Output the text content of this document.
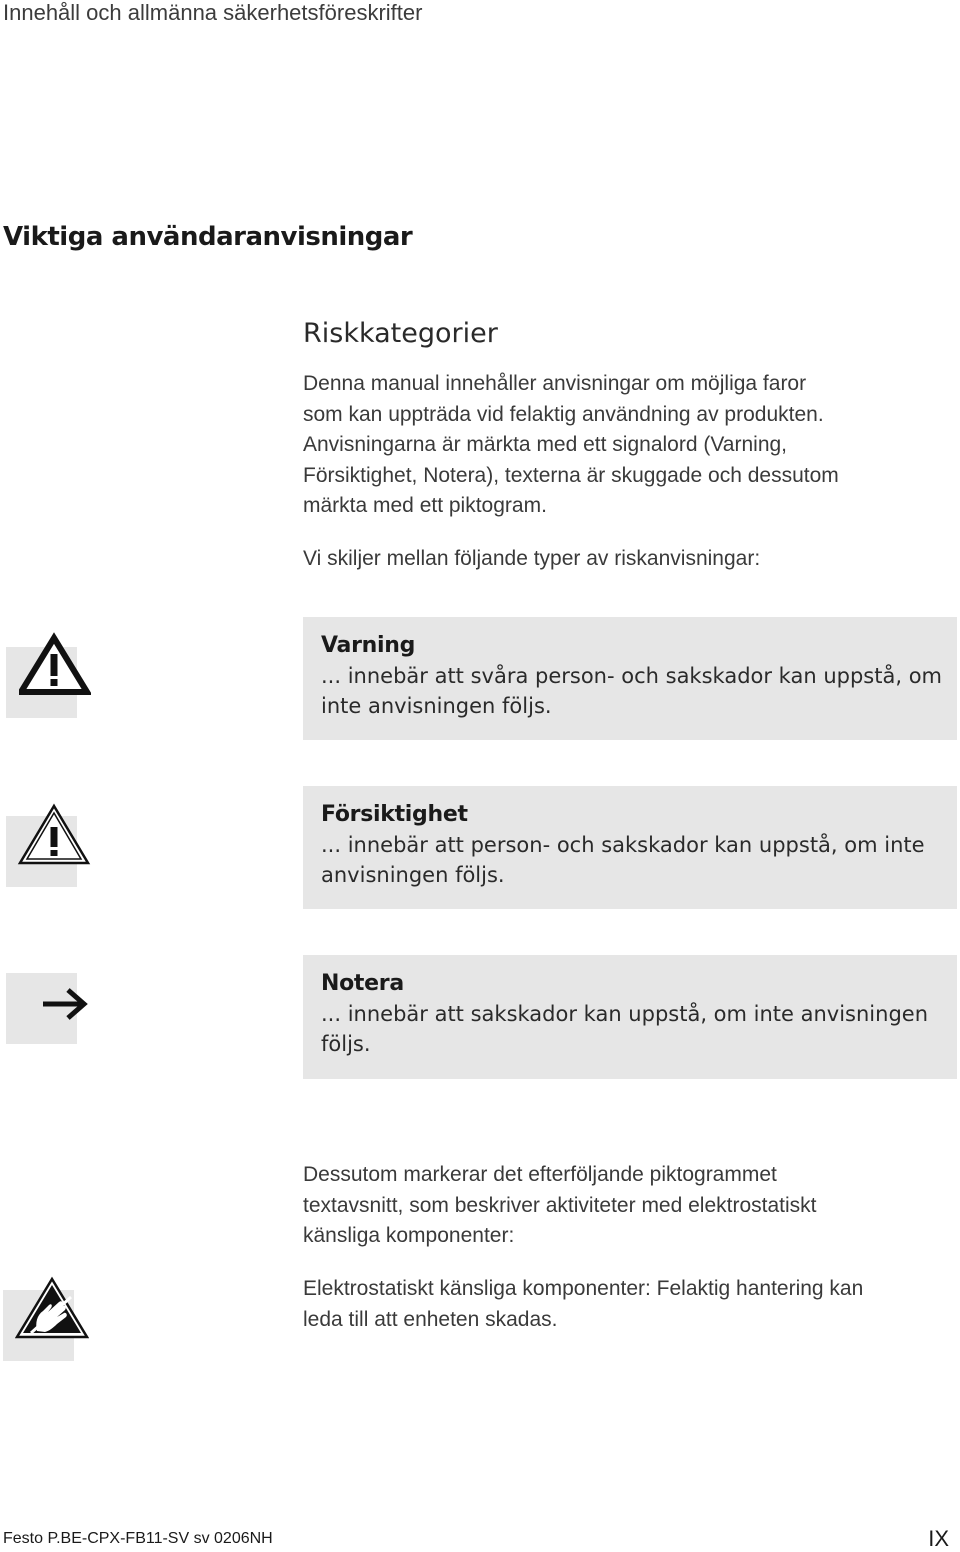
Innehåll och allmänna säkerhetsföreskrifter
Viktiga användaranvisningar
Riskkategorier
Denna manual innehåller anvisningar om möjliga faror
som kan uppträda vid felaktig användning av produkten.
Anvisningarna är märkta med ett signalord (Varning,
Försiktighet, Notera), texterna är skuggade och dessutom
märkta med ett piktogram.
Vi skiljer mellan följande typer av riskanvisningar:
Varning
... innebär att svåra person- och sakskador kan uppstå, om
inte anvisningen följs.
Försiktighet
... innebär att person- och sakskador kan uppstå, om inte
anvisningen följs.
Notera
... innebär att sakskador kan uppstå, om inte anvisningen
följs.
Dessutom markerar det efterföljande piktogrammet
textavsnitt, som beskriver aktiviteter med elektrostatiskt
känsliga komponenter:
Elektrostatiskt känsliga komponenter: Felaktig hantering kan
leda till att enheten skadas.
Festo P.BE-CPX-FB11-SV sv 0206NH	IX
